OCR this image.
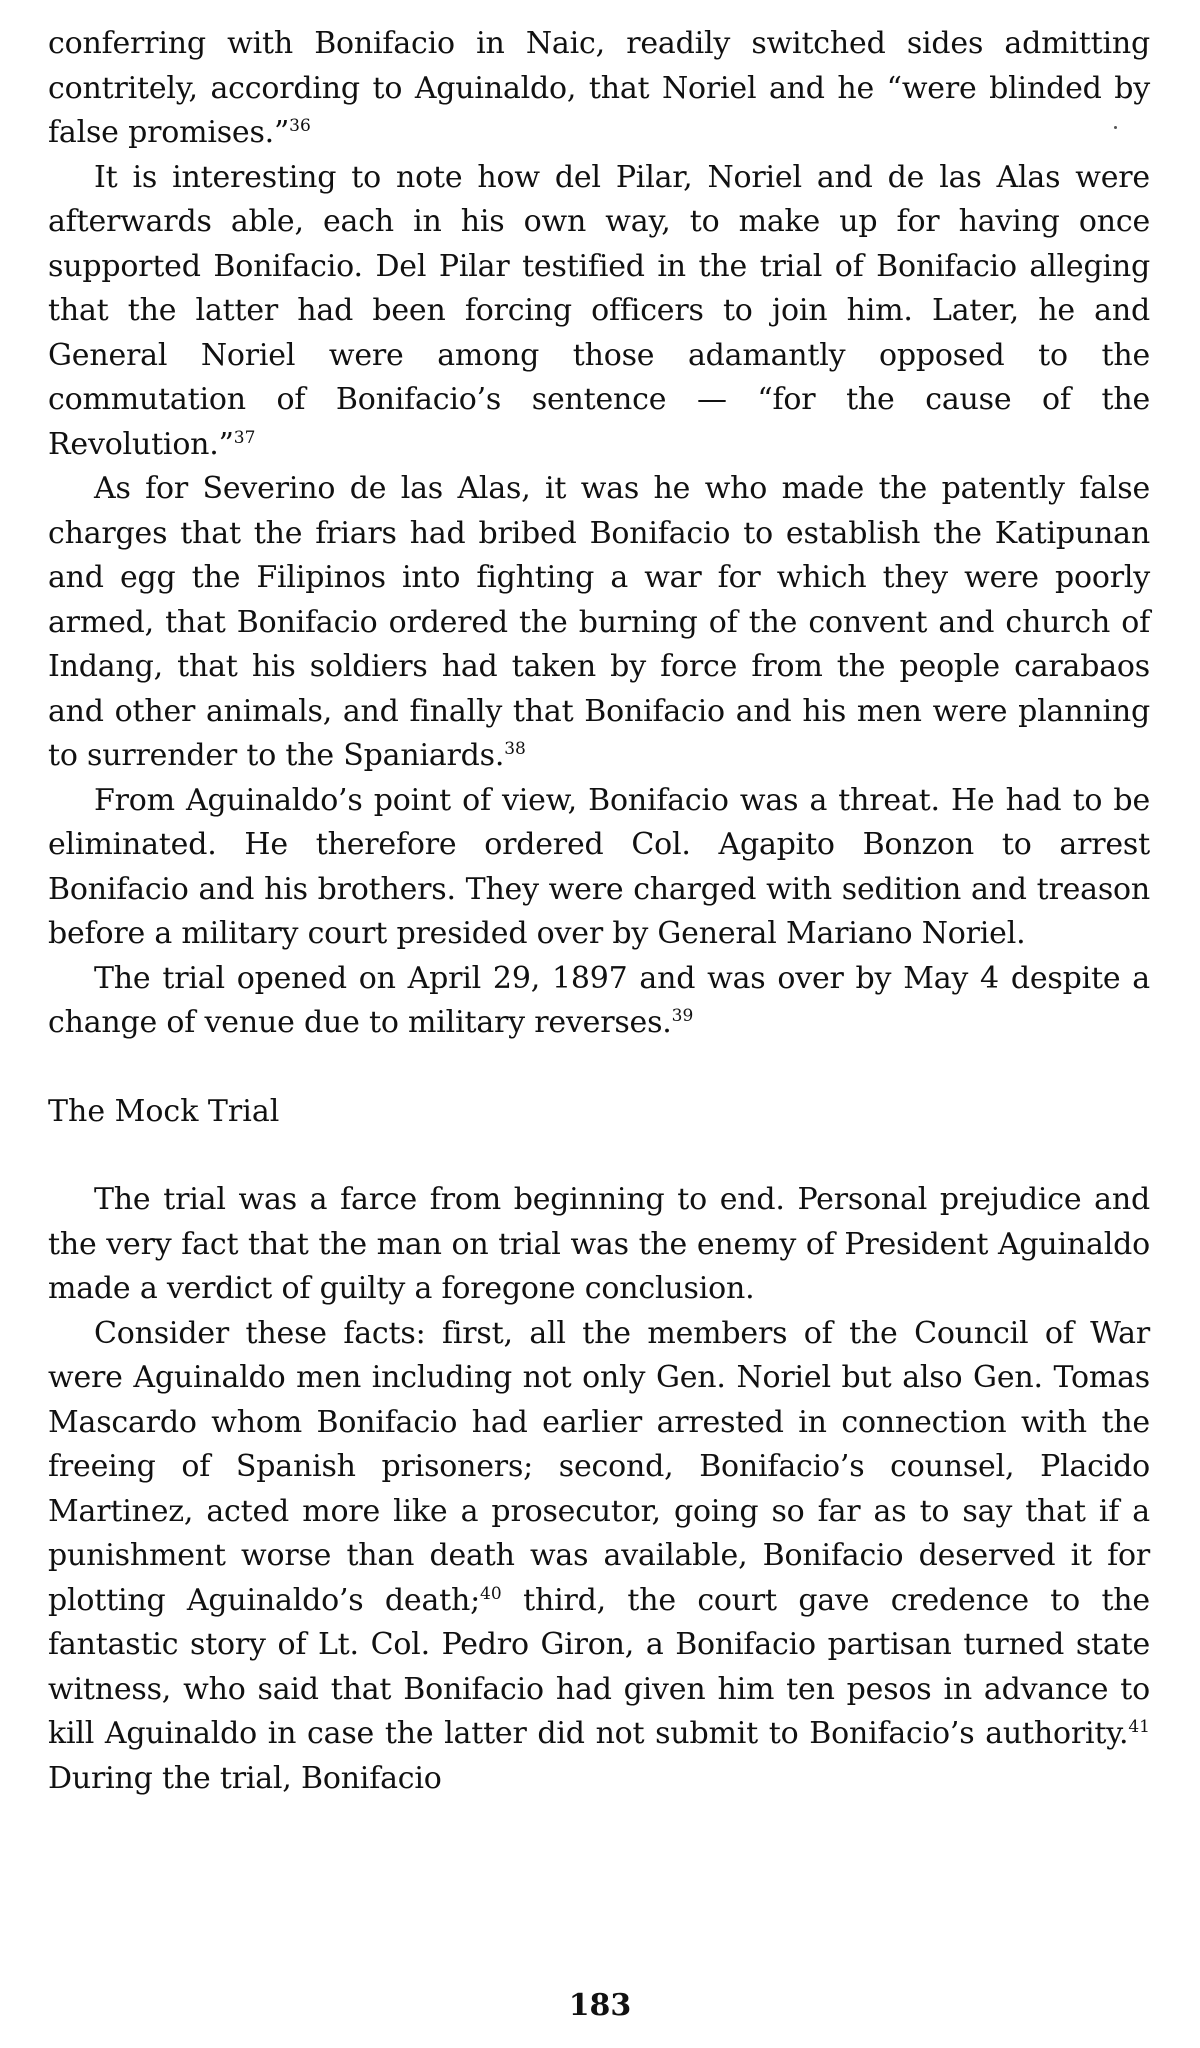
conferring with Bonifacio in Naic, readily switched sides admitting contritely, according to Aguinaldo, that Noriel and he “were blinded by false promises.”$^{36}$

It is interesting to note how del Pilar, Noriel and de las Alas were afterwards able, each in his own way, to make up for having once supported Bonifacio. Del Pilar testified in the trial of Bonifacio alleging that the latter had been forcing officers to join him. Later, he and General Noriel were among those adamantly opposed to the commutation of Bonifacio’s sentence — “for the cause of the Revolution.”$^{37}$

As for Severino de las Alas, it was he who made the patently false charges that the friars had bribed Bonifacio to establish the Katipunan and egg the Filipinos into fighting a war for which they were poorly armed, that Bonifacio ordered the burning of the convent and church of Indang, that his soldiers had taken by force from the people carabaos and other animals, and finally that Bonifacio and his men were planning to surrender to the Spaniards.$^{38}$

From Aguinaldo’s point of view, Bonifacio was a threat. He had to be eliminated. He therefore ordered Col. Agapito Bonzon to arrest Bonifacio and his brothers. They were charged with sedition and treason before a military court presided over by General Mariano Noriel.

The trial opened on April 29, 1897 and was over by May 4 despite a change of venue due to military reverses.$^{39}$

The Mock Trial

The trial was a farce from beginning to end. Personal prejudice and the very fact that the man on trial was the enemy of President Aguinaldo made a verdict of guilty a foregone conclusion.

Consider these facts: first, all the members of the Council of War were Aguinaldo men including not only Gen. Noriel but also Gen. Tomas Mascardo whom Bonifacio had earlier arrested in connection with the freeing of Spanish prisoners; second, Bonifacio’s counsel, Placido Martinez, acted more like a prosecutor, going so far as to say that if a punishment worse than death was available, Bonifacio deserved it for plotting Aguinaldo’s death;$^{40}$ third, the court gave credence to the fantastic story of Lt. Col. Pedro Giron, a Bonifacio partisan turned state witness, who said that Bonifacio had given him ten pesos in advance to kill Aguinaldo in case the latter did not submit to Bonifacio’s authority.$^{41}$ During the trial, Bonifacio

183
